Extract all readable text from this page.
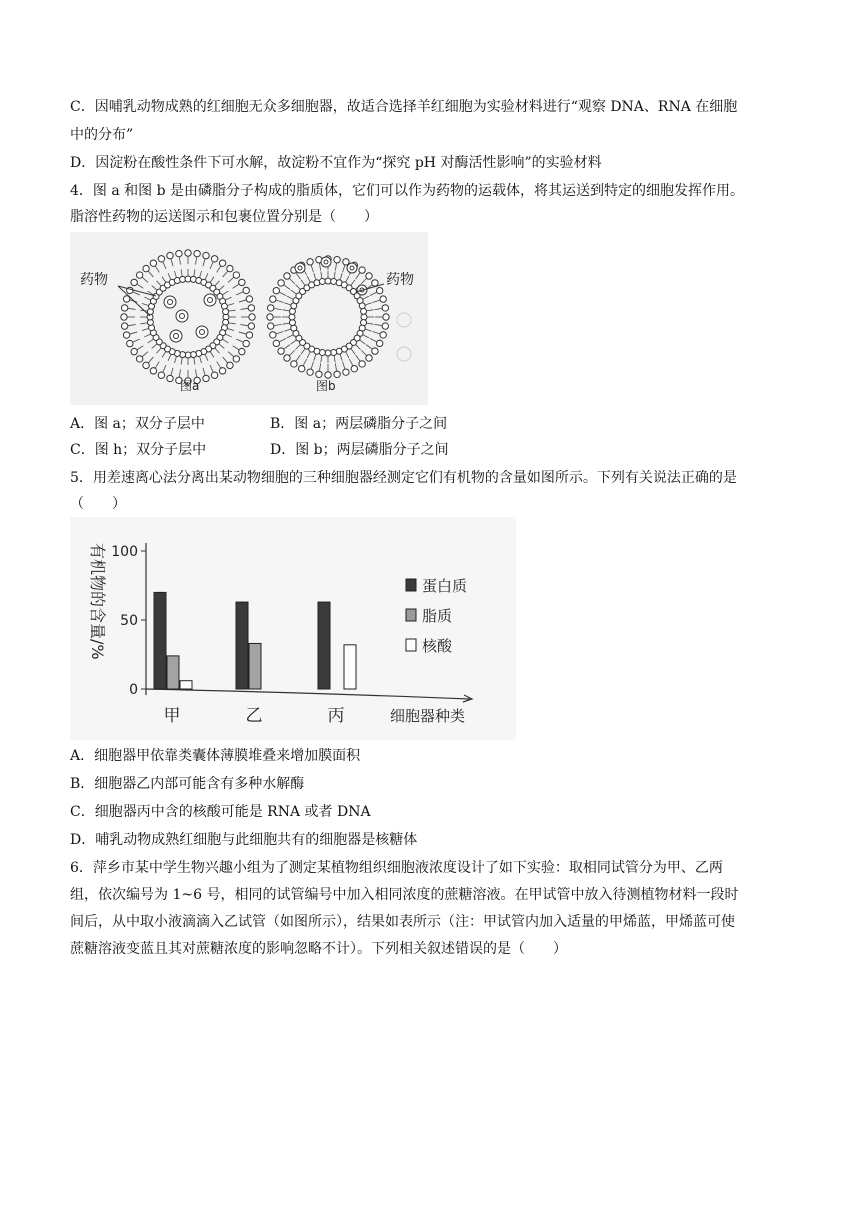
C．因哺乳动物成熟的红细胞无众多细胞器，故适合选择羊红细胞为实验材料进行“观察 DNA、RNA 在细胞
中的分布”
D．因淀粉在酸性条件下可水解，故淀粉不宜作为“探究 pH 对酶活性影响”的实验材料
4．图 a 和图 b 是由磷脂分子构成的脂质体，它们可以作为药物的运载体，将其运送到特定的细胞发挥作用。
脂溶性药物的运送图示和包裹位置分别是（　　）
药物	药物
图a	图b
A．图 a；双分子层中	B．图 a；两层磷脂分子之间
C．图 h；双分子层中	D．图 b；两层磷脂分子之间
5．用差速离心法分离出某动物细胞的三种细胞器经测定它们有机物的含量如图所示。下列有关说法正确的是
（　　）
0
50
100
甲	乙	丙
蛋白质
脂质
核酸
有机物的含量/%
细胞器种类
A．细胞器甲依靠类囊体薄膜堆叠来增加膜面积
B．细胞器乙内部可能含有多种水解酶
C．细胞器丙中含的核酸可能是 RNA 或者 DNA
D．哺乳动物成熟红细胞与此细胞共有的细胞器是核糖体
6．萍乡市某中学生物兴趣小组为了测定某植物组织细胞液浓度设计了如下实验：取相同试管分为甲、乙两
组，依次编号为 1~6 号，相同的试管编号中加入相同浓度的蔗糖溶液。在甲试管中放入待测植物材料一段时
间后，从中取小液滴滴入乙试管（如图所示），结果如表所示（注：甲试管内加入适量的甲烯蓝，甲烯蓝可使
蔗糖溶液变蓝且其对蔗糖浓度的影响忽略不计）。下列相关叙述错误的是（　　）
